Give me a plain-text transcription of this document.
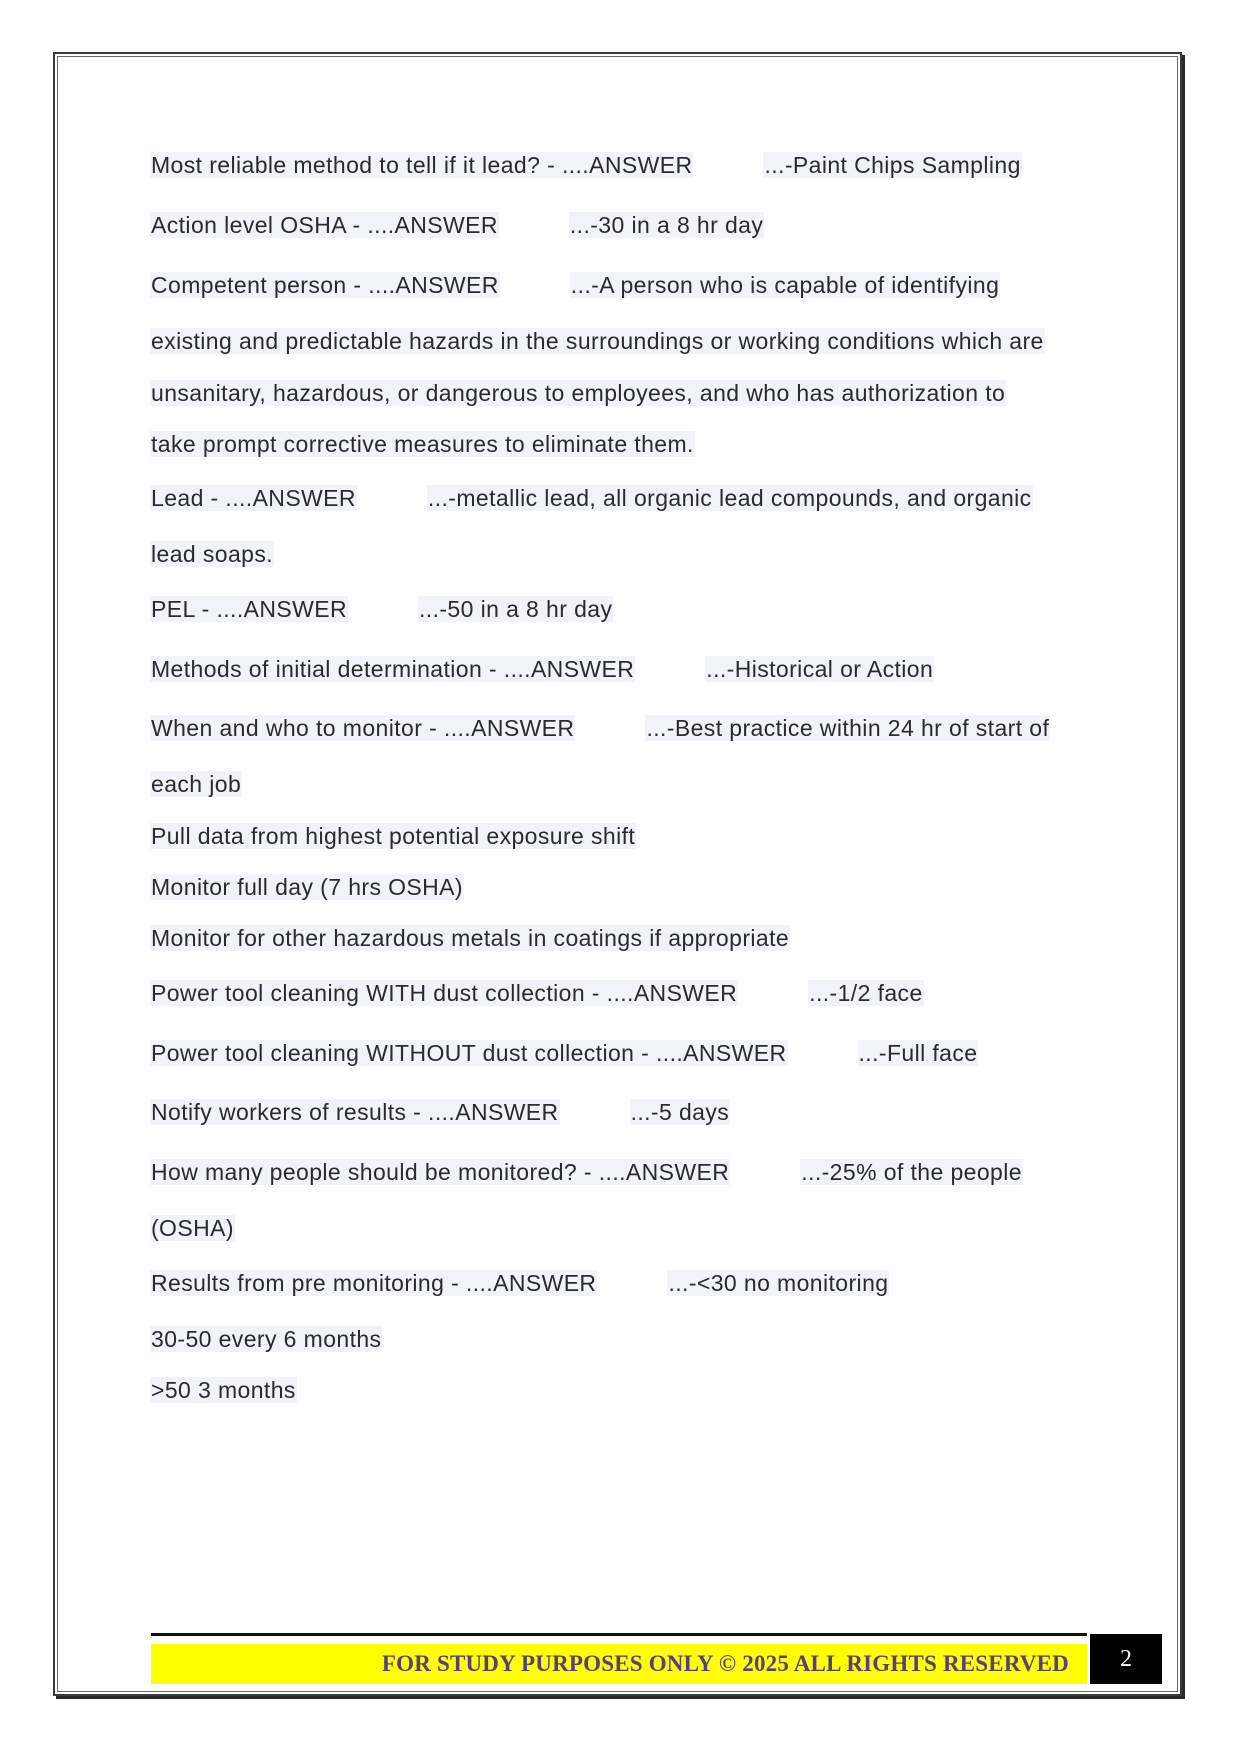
Most reliable method to tell if it lead? - ....ANSWER	...-Paint Chips Sampling
Action level OSHA - ....ANSWER	...-30 in a 8 hr day
Competent person - ....ANSWER	...-A person who is capable of identifying
existing and predictable hazards in the surroundings or working conditions which are
unsanitary, hazardous, or dangerous to employees, and who has authorization to
take prompt corrective measures to eliminate them.
Lead - ....ANSWER	...-metallic lead, all organic lead compounds, and organic
lead soaps.
PEL - ....ANSWER	...-50 in a 8 hr day
Methods of initial determination - ....ANSWER	...-Historical or Action
When and who to monitor - ....ANSWER	...-Best practice within 24 hr of start of
each job
Pull data from highest potential exposure shift
Monitor full day (7 hrs OSHA)
Monitor for other hazardous metals in coatings if appropriate
Power tool cleaning WITH dust collection - ....ANSWER	...-1/2 face
Power tool cleaning WITHOUT dust collection - ....ANSWER	...-Full face
Notify workers of results - ....ANSWER	...-5 days
How many people should be monitored? - ....ANSWER	...-25% of the people
(OSHA)
Results from pre monitoring - ....ANSWER	...-<30 no monitoring
30-50 every 6 months
>50 3 months
FOR STUDY PURPOSES ONLY © 2025 ALL RIGHTS RESERVED 2
